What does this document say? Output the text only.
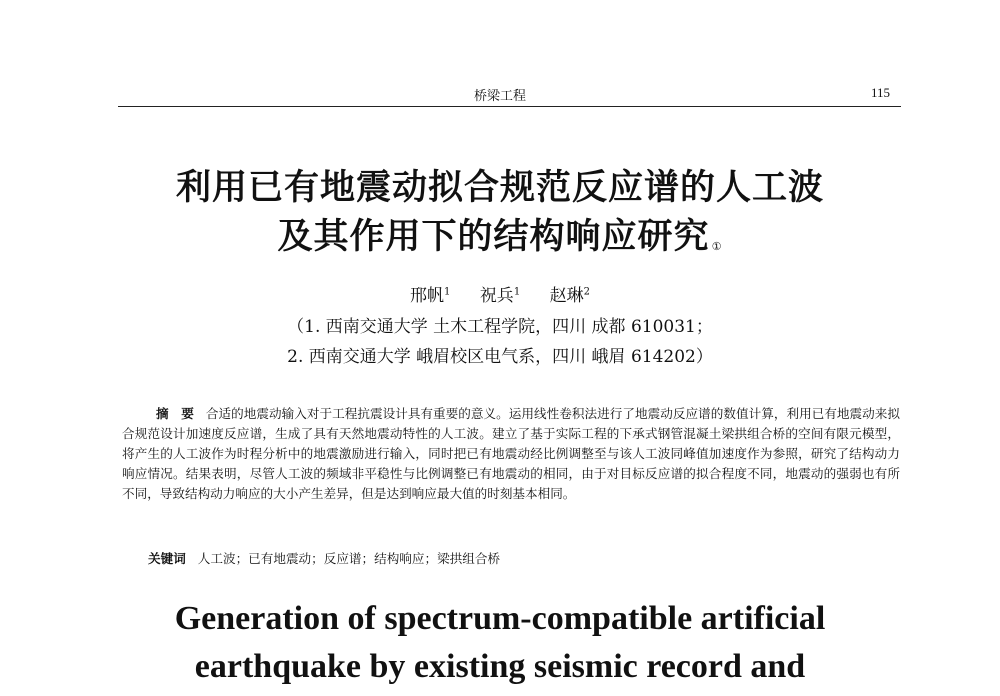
桥梁工程	115
利用已有地震动拟合规范反应谱的人工波
及其作用下的结构响应研究 ①
邢帆$^1$ 祝兵$^1$ 赵琳$^2$
（1. 西南交通大学 土木工程学院，四川 成都 610031；
2. 西南交通大学 峨眉校区电气系，四川 峨眉 614202）
摘　要 合适的地震动输入对于工程抗震设计具有重要的意义。运用线性卷积法进行了地震动反应谱的数值计算，利用已有地震动来拟合规范设计加速度反应谱，生成了具有天然地震动特性的人工波。建立了基于实际工程的下承式钢管混凝土梁拱组合桥的空间有限元模型，将产生的人工波作为时程分析中的地震激励进行输入，同时把已有地震动经比例调整至与该人工波同峰值加速度作为参照，研究了结构动力响应情况。结果表明，尽管人工波的频域非平稳性与比例调整已有地震动的相同，由于对目标反应谱的拟合程度不同，地震动的强弱也有所不同，导致结构动力响应的大小产生差异，但是达到响应最大值的时刻基本相同。
关键词 人工波；已有地震动；反应谱；结构响应；梁拱组合桥
Generation of spectrum-compatible artificial
earthquake by existing seismic record and
